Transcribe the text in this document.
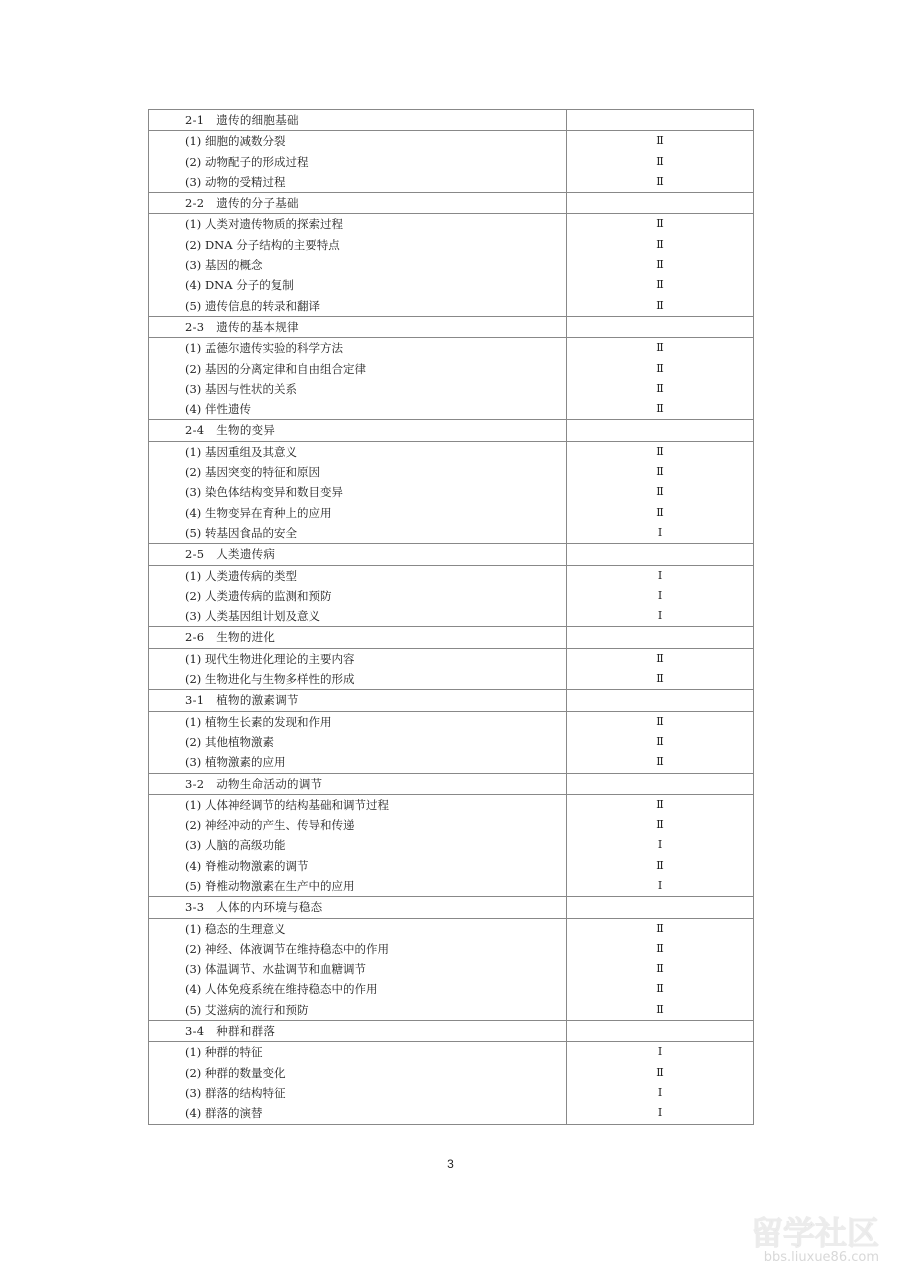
2-1　遗传的细胞基础	
(1) 细胞的减数分裂	Ⅱ
(2) 动物配子的形成过程	Ⅱ
(3) 动物的受精过程	Ⅱ
2-2　遗传的分子基础	
(1) 人类对遗传物质的探索过程	Ⅱ
(2) DNA 分子结构的主要特点	Ⅱ
(3) 基因的概念	Ⅱ
(4) DNA 分子的复制	Ⅱ
(5) 遗传信息的转录和翻译	Ⅱ
2-3　遗传的基本规律	
(1) 孟德尔遗传实验的科学方法	Ⅱ
(2) 基因的分离定律和自由组合定律	Ⅱ
(3) 基因与性状的关系	Ⅱ
(4) 伴性遗传	Ⅱ
2-4　生物的变异	
(1) 基因重组及其意义	Ⅱ
(2) 基因突变的特征和原因	Ⅱ
(3) 染色体结构变异和数目变异	Ⅱ
(4) 生物变异在育种上的应用	Ⅱ
(5) 转基因食品的安全	Ⅰ
2-5　人类遗传病	
(1) 人类遗传病的类型	Ⅰ
(2) 人类遗传病的监测和预防	Ⅰ
(3) 人类基因组计划及意义	Ⅰ
2-6　生物的进化	
(1) 现代生物进化理论的主要内容	Ⅱ
(2) 生物进化与生物多样性的形成	Ⅱ
3-1　植物的激素调节	
(1) 植物生长素的发现和作用	Ⅱ
(2) 其他植物激素	Ⅱ
(3) 植物激素的应用	Ⅱ
3-2　动物生命活动的调节	
(1) 人体神经调节的结构基础和调节过程	Ⅱ
(2) 神经冲动的产生、传导和传递	Ⅱ
(3) 人脑的高级功能	Ⅰ
(4) 脊椎动物激素的调节	Ⅱ
(5) 脊椎动物激素在生产中的应用	Ⅰ
3-3　人体的内环境与稳态	
(1) 稳态的生理意义	Ⅱ
(2) 神经、体液调节在维持稳态中的作用	Ⅱ
(3) 体温调节、水盐调节和血糖调节	Ⅱ
(4) 人体免疫系统在维持稳态中的作用	Ⅱ
(5) 艾滋病的流行和预防	Ⅱ
3-4　种群和群落	
(1) 种群的特征	Ⅰ
(2) 种群的数量变化	Ⅱ
(3) 群落的结构特征	Ⅰ
(4) 群落的演替	Ⅰ
3
留学社区
bbs.liuxue86.com
